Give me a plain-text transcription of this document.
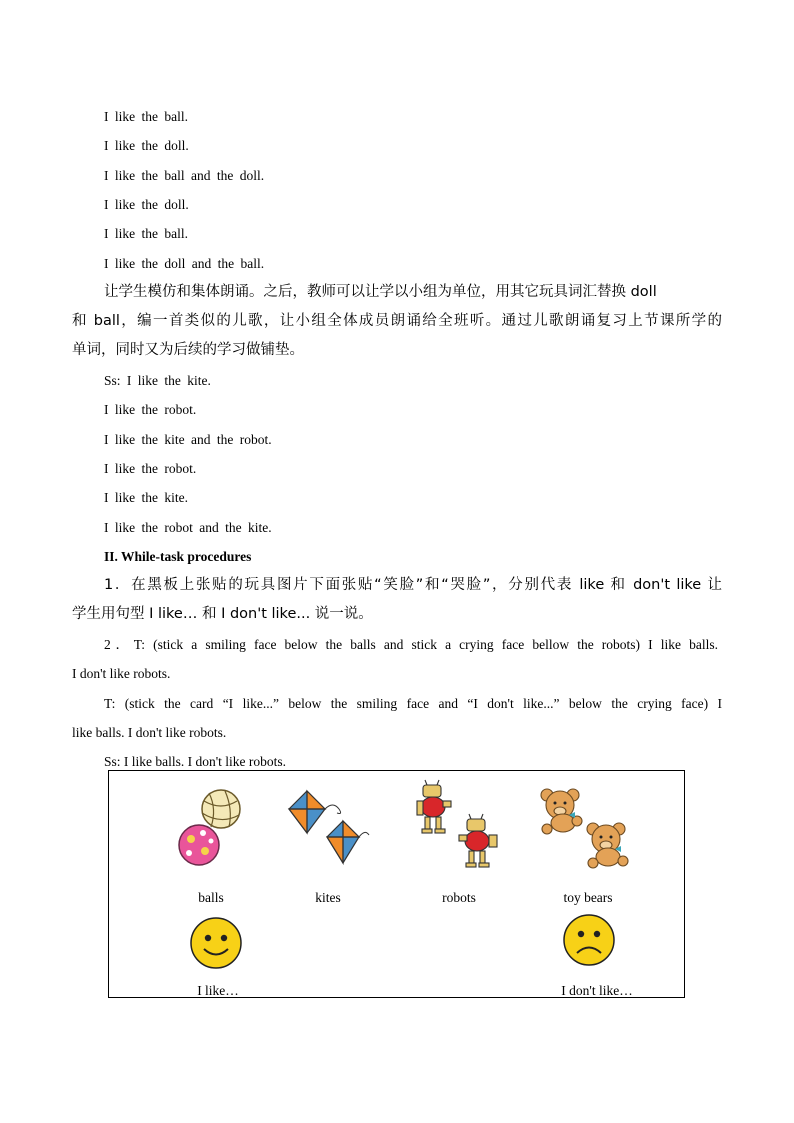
I like the ball.
I like the doll.
I like the ball and the doll.
I like the doll.
I like the ball.
I like the doll and the ball.
让学生模仿和集体朗诵。之后，教师可以让学以小组为单位，用其它玩具词汇替换 doll
和 ball，编一首类似的儿歌，让小组全体成员朗诵给全班听。通过儿歌朗诵复习上节课所学的
单词，同时又为后续的学习做铺垫。
Ss: I like the kite.
I like the robot.
I like the kite and the robot.
I like the robot.
I like the kite.
I like the robot and the kite.
II. While-task procedures
1．在黑板上张贴的玩具图片下面张贴“笑脸”和“哭脸”，分别代表 like 和 don't like 让
学生用句型 I like… 和 I don't like... 说一说。
2．T: (stick a smiling face below the balls and stick a crying face bellow the robots) I like balls.
I don't like robots.
T: (stick the card “I like...” below the smiling face and “I don't like...” below the crying face) I
like balls. I don't like robots.
Ss: I like balls. I don't like robots.
balls	kites	robots	toy bears
I like…	I don't like…
